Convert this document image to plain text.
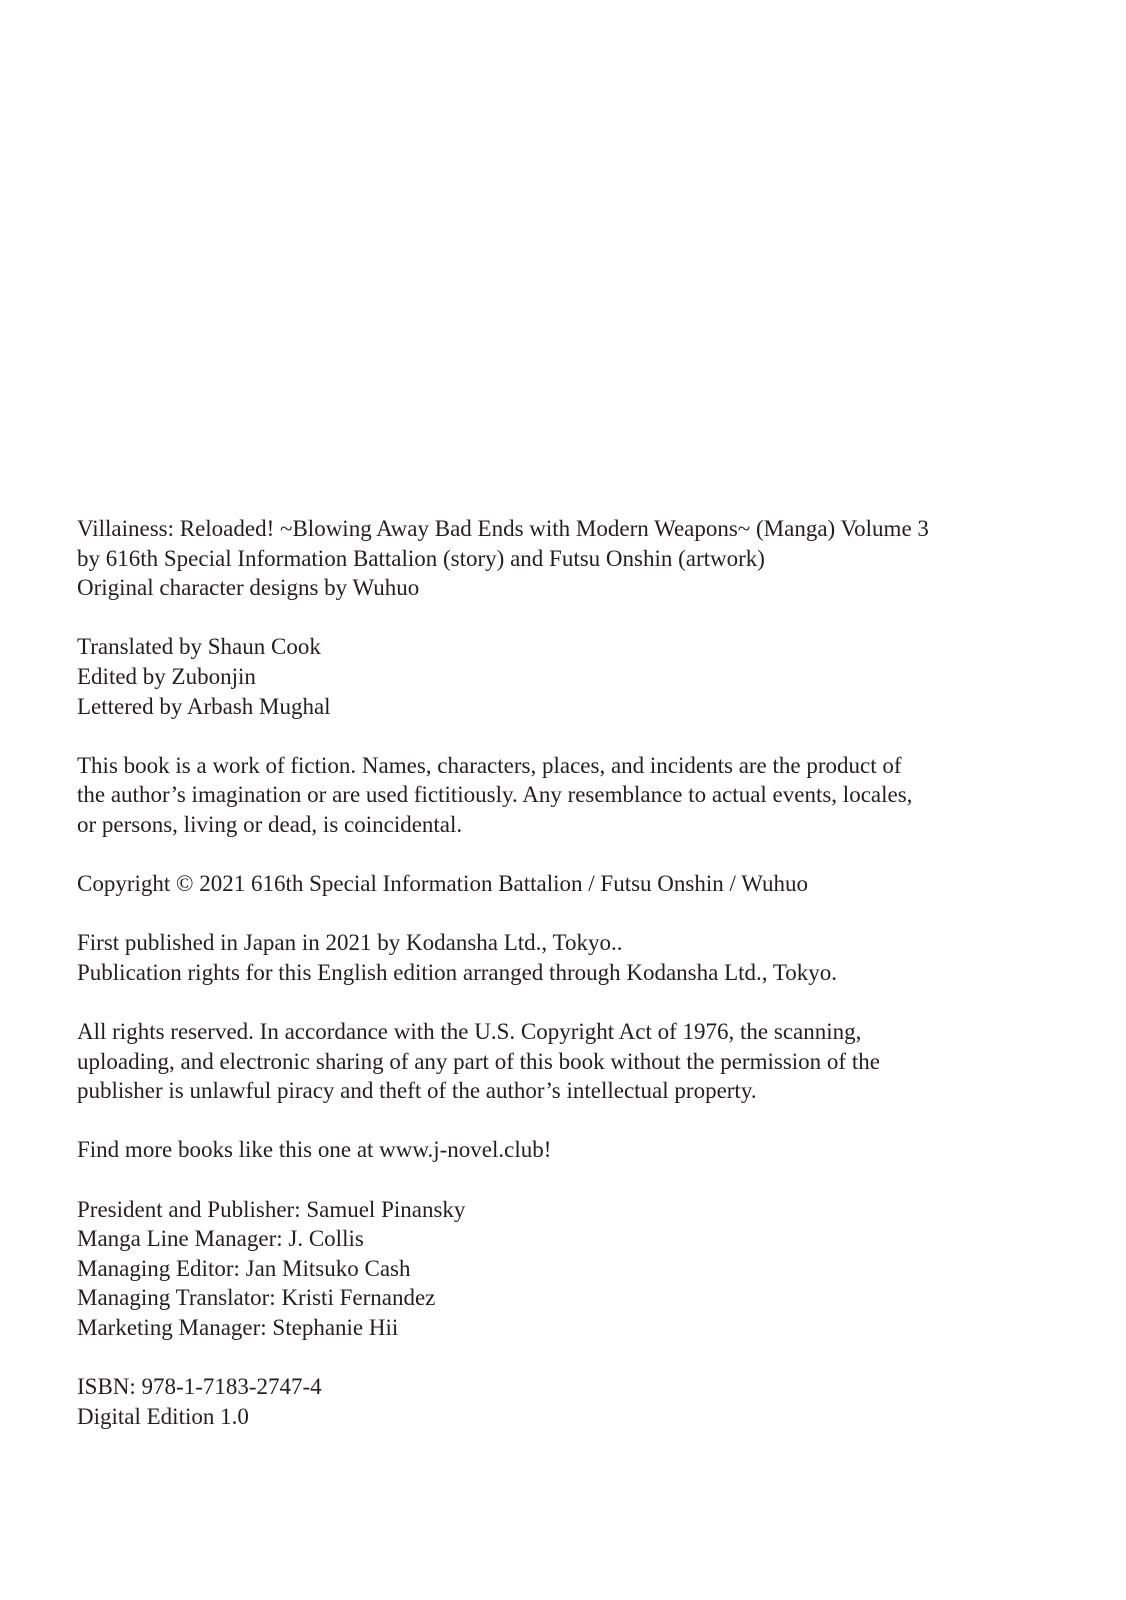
Villainess: Reloaded! ~Blowing Away Bad Ends with Modern Weapons~ (Manga) Volume 3
by 616th Special Information Battalion (story) and Futsu Onshin (artwork)
Original character designs by Wuhuo

Translated by Shaun Cook
Edited by Zubonjin
Lettered by Arbash Mughal

This book is a work of fiction. Names, characters, places, and incidents are the product of
the author’s imagination or are used fictitiously. Any resemblance to actual events, locales,
or persons, living or dead, is coincidental.

Copyright © 2021 616th Special Information Battalion / Futsu Onshin / Wuhuo

First published in Japan in 2021 by Kodansha Ltd., Tokyo..
Publication rights for this English edition arranged through Kodansha Ltd., Tokyo.

All rights reserved. In accordance with the U.S. Copyright Act of 1976, the scanning,
uploading, and electronic sharing of any part of this book without the permission of the
publisher is unlawful piracy and theft of the author’s intellectual property.

Find more books like this one at www.j-novel.club!

President and Publisher: Samuel Pinansky
Manga Line Manager: J. Collis
Managing Editor: Jan Mitsuko Cash
Managing Translator: Kristi Fernandez
Marketing Manager: Stephanie Hii

ISBN: 978-1-7183-2747-4
Digital Edition 1.0
